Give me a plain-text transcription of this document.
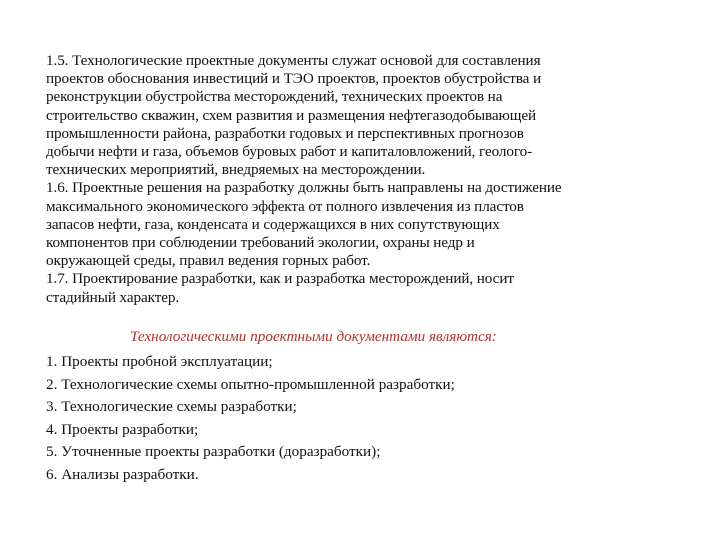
1.5. Технологические проектные документы служат основой для составления
проектов обоснования инвестиций и ТЭО проектов, проектов обустройства и
реконструкции обустройства месторождений, технических проектов на
строительство скважин, схем развития и размещения нефтегазодобывающей
промышленности района, разработки годовых и перспективных прогнозов
добычи нефти и газа, объемов буровых работ и капиталовложений, геолого-
технических мероприятий, внедряемых на месторождении.

1.6. Проектные решения на разработку должны быть направлены на достижение
максимального экономического эффекта от полного извлечения из пластов
запасов нефти, газа, конденсата и содержащихся в них сопутствующих
компонентов при соблюдении требований экологии, охраны недр и
окружающей среды, правил ведения горных работ.

1.7. Проектирование разработки, как и разработка месторождений, носит
стадийный характер.

Технологическими проектными документами являются:
1. Проекты пробной эксплуатации;
2. Технологические схемы опытно-промышленной разработки;
3. Технологические схемы разработки;
4. Проекты разработки;
5. Уточненные проекты разработки (доразработки);
6. Анализы разработки.
